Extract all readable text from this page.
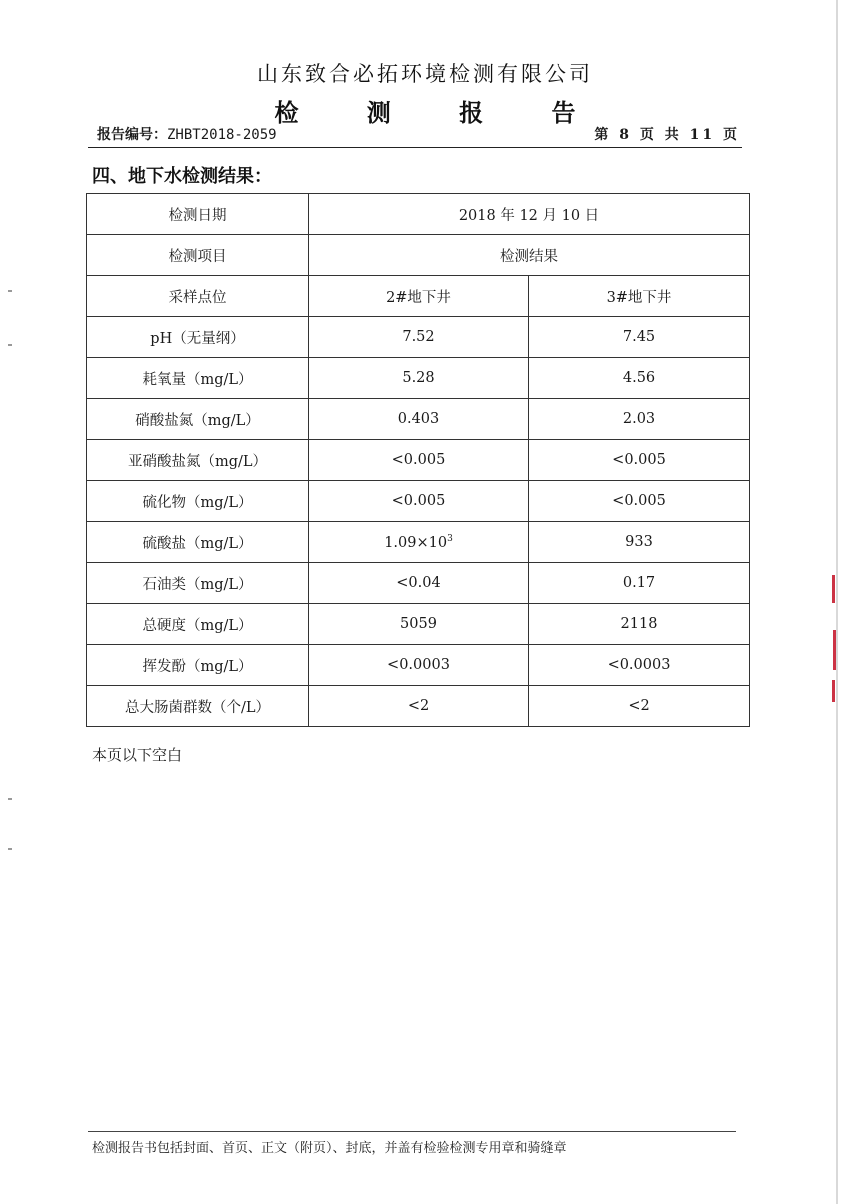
山东致合必拓环境检测有限公司
检 测 报 告
报告编号：ZHBT2018-2059	第 8 页 共 11 页
四、地下水检测结果：
检测日期	2018 年 12 月 10 日	
检测项目	检测结果	
采样点位	2#地下井	3#地下井
pH（无量纲）	7.52	7.45
耗氧量（mg/L）	5.28	4.56
硝酸盐氮（mg/L）	0.403	2.03
亚硝酸盐氮（mg/L）	<0.005	<0.005
硫化物（mg/L）	<0.005	<0.005
硫酸盐（mg/L）	$1.09\times 10^3$	933
石油类（mg/L）	<0.04	0.17
总硬度（mg/L）	5059	2118
挥发酚（mg/L）	<0.0003	<0.0003
总大肠菌群数（个/L）	<2	<2
本页以下空白
检测报告书包括封面、首页、正文（附页）、封底，并盖有检验检测专用章和骑缝章
